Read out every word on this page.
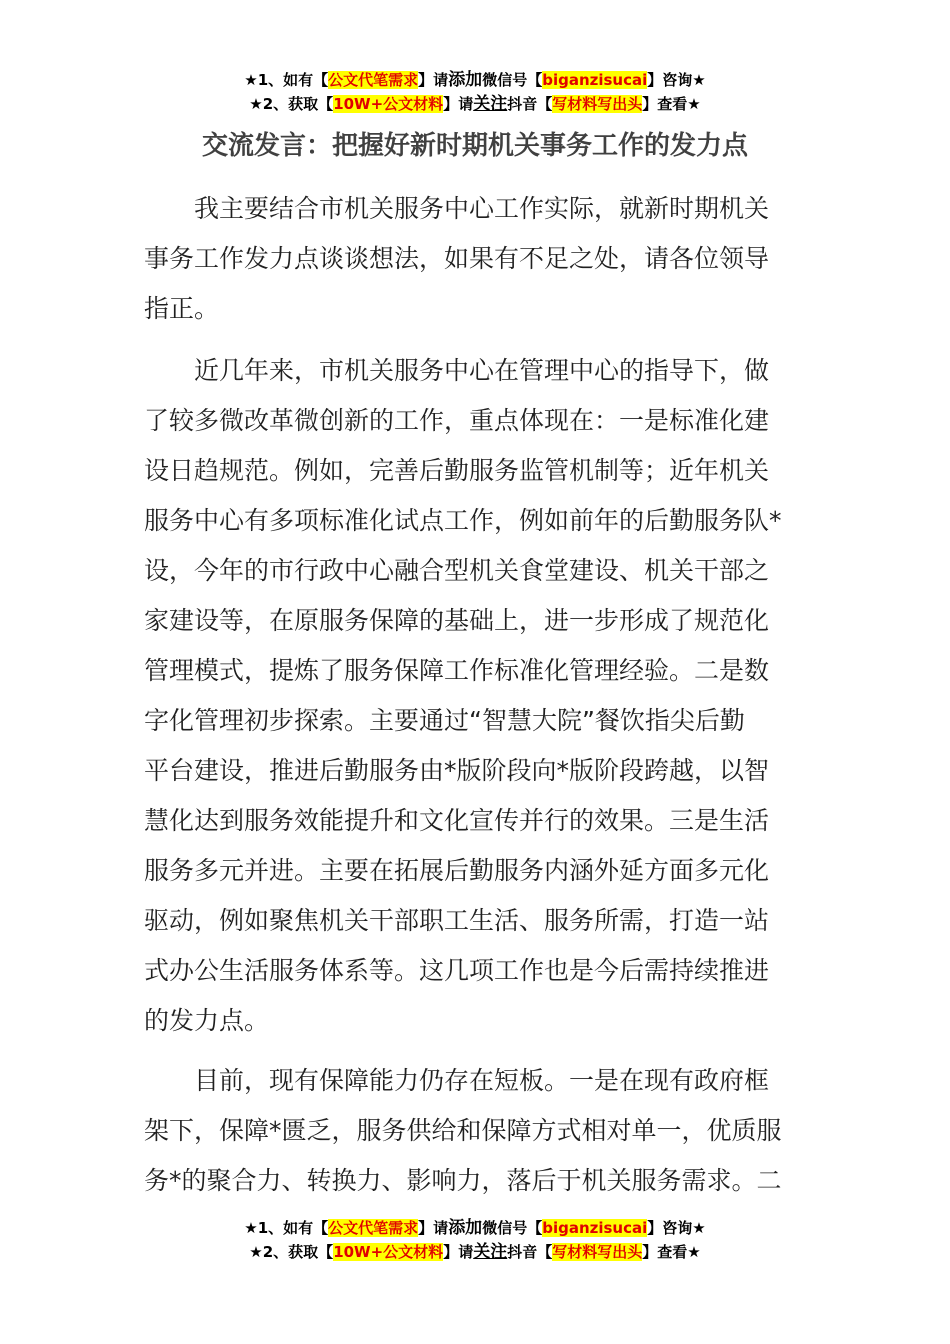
★1、如有【公文代笔需求】请添加微信号【biganzisucai】咨询★
★2、获取【10W+公文材料】请关注抖音【写材料写出头】查看★
交流发言：把握好新时期机关事务工作的发力点
我主要结合市机关服务中心工作实际，就新时期机关
事务工作发力点谈谈想法，如果有不足之处，请各位领导
指正。
近几年来，市机关服务中心在管理中心的指导下，做
了较多微改革微创新的工作，重点体现在：一是标准化建
设日趋规范。例如，完善后勤服务监管机制等；近年机关
服务中心有多项标准化试点工作，例如前年的后勤服务队*
设，今年的市行政中心融合型机关食堂建设、机关干部之
家建设等，在原服务保障的基础上，进一步形成了规范化
管理模式，提炼了服务保障工作标准化管理经验。二是数
字化管理初步探索。主要通过“智慧大院”餐饮指尖后勤
平台建设，推进后勤服务由*版阶段向*版阶段跨越，以智
慧化达到服务效能提升和文化宣传并行的效果。三是生活
服务多元并进。主要在拓展后勤服务内涵外延方面多元化
驱动，例如聚焦机关干部职工生活、服务所需，打造一站
式办公生活服务体系等。这几项工作也是今后需持续推进
的发力点。
目前，现有保障能力仍存在短板。一是在现有政府框
架下，保障*匮乏，服务供给和保障方式相对单一，优质服
务*的聚合力、转换力、影响力，落后于机关服务需求。二
★1、如有【公文代笔需求】请添加微信号【biganzisucai】咨询★
★2、获取【10W+公文材料】请关注抖音【写材料写出头】查看★
